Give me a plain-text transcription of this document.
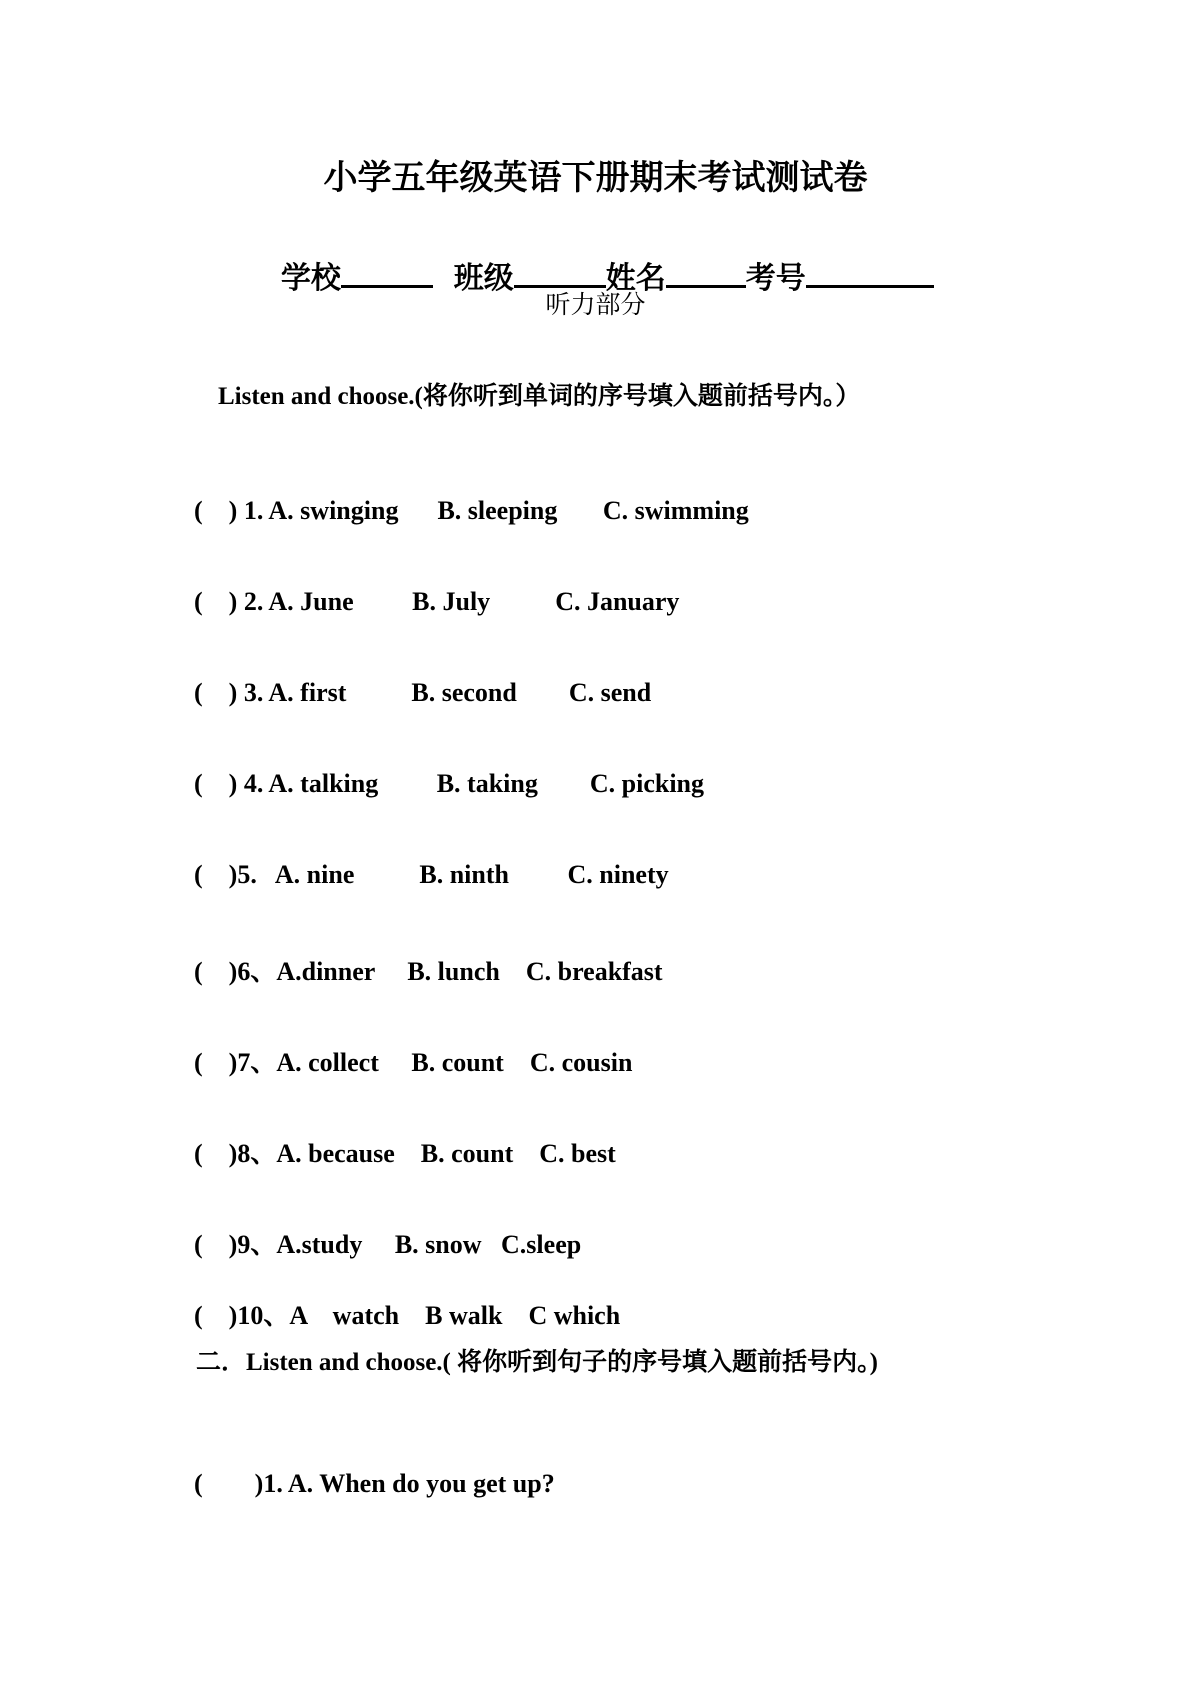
小学五年级英语下册期末考试测试卷

学校	班级	姓名	考号

听力部分
Listen and choose.(将你听到单词的序号填入题前括号内。）

(    ) 1. A. swinging B. sleeping C. swimming

(    ) 2. A. June B. July	C. January

(    ) 3. A. first	B. second C. send

(    ) 4. A. talking B. taking C. picking

(    )5. A. nine	B. ninth C. ninety

(    )6、A.dinner B. lunch C. breakfast

(    )7、A. collect B. count C. cousin

(    )8、A. because B. count C. best

(    )9、A.study B. snow C.sleep

(    )10、A    watch B walk C which

二．Listen and choose.( 将你听到句子的序号填入题前括号内。)

(        )1. A. When do you get up?
